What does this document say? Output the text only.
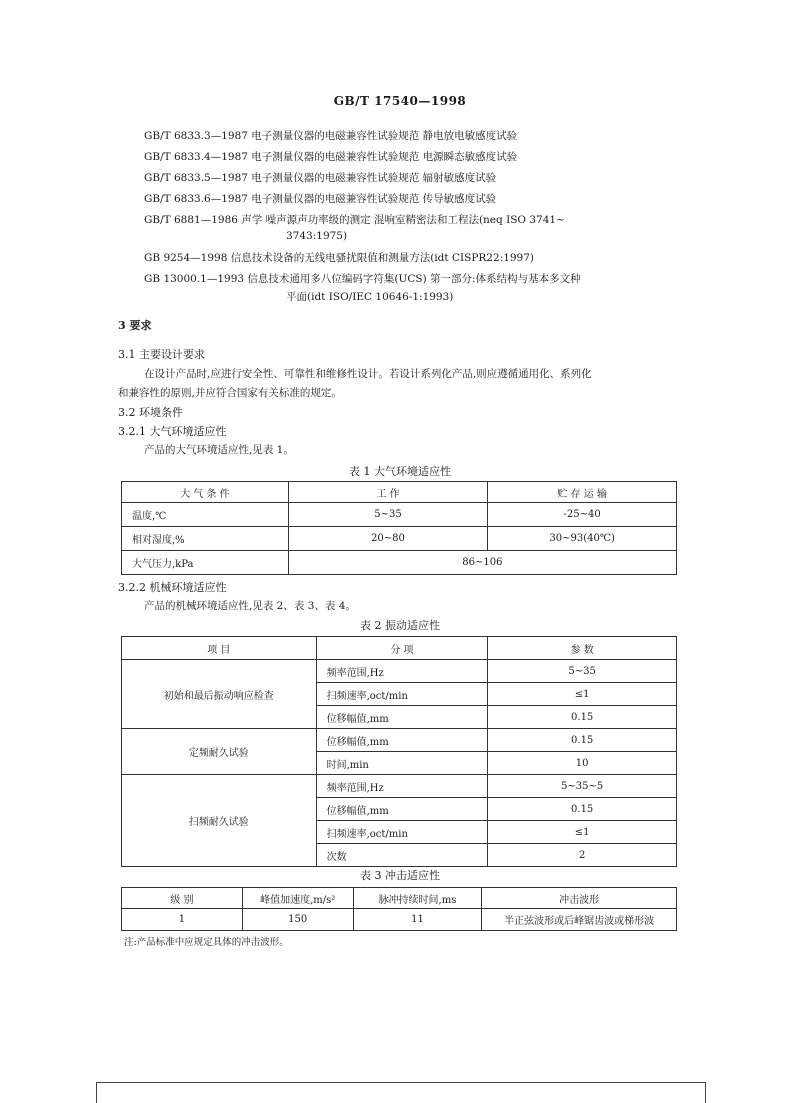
GB/T 17540—1998
GB/T 6833.3—1987 电子测量仪器的电磁兼容性试验规范 静电放电敏感度试验
GB/T 6833.4—1987 电子测量仪器的电磁兼容性试验规范 电源瞬态敏感度试验
GB/T 6833.5—1987 电子测量仪器的电磁兼容性试验规范 辐射敏感度试验
GB/T 6833.6—1987 电子测量仪器的电磁兼容性试验规范 传导敏感度试验
GB/T 6881—1986 声学 噪声源声功率级的测定 混响室精密法和工程法(neq ISO 3741~
3743:1975)
GB 9254—1998 信息技术设备的无线电骚扰限值和测量方法(idt CISPR22:1997)
GB 13000.1—1993 信息技术通用多八位编码字符集(UCS) 第一部分:体系结构与基本多文种
平面(idt ISO/IEC 10646-1:1993)
3 要求
3.1 主要设计要求
在设计产品时,应进行安全性、可靠性和维修性设计。若设计系列化产品,则应遵循通用化、系列化
和兼容性的原则,并应符合国家有关标准的规定。
3.2 环境条件
3.2.1 大气环境适应性
产品的大气环境适应性,见表 1。
表 1 大气环境适应性
大 气 条 件	工 作	贮 存 运 输
温度,℃	5~35	-25~40
相对湿度,%	20~80	30~93(40℃)
大气压力,kPa	86~106	
3.2.2 机械环境适应性
产品的机械环境适应性,见表 2、表 3、表 4。
表 2 振动适应性
项 目	分 项	参 数
初始和最后振动响应检查	频率范围,Hz	5~35
	扫频速率,oct/min	≤1
	位移幅值,mm	0.15
定频耐久试验	位移幅值,mm	0.15
	时间,min	10
扫频耐久试验	频率范围,Hz	5~35~5
	位移幅值,mm	0.15
	扫频速率,oct/min	≤1
	次数	2
表 3 冲击适应性
级 别	峰值加速度,m/s²	脉冲持续时间,ms	冲击波形
1	150	11	半正弦波形或后峰锯齿波或梯形波
注:产品标准中应规定具体的冲击波形。
